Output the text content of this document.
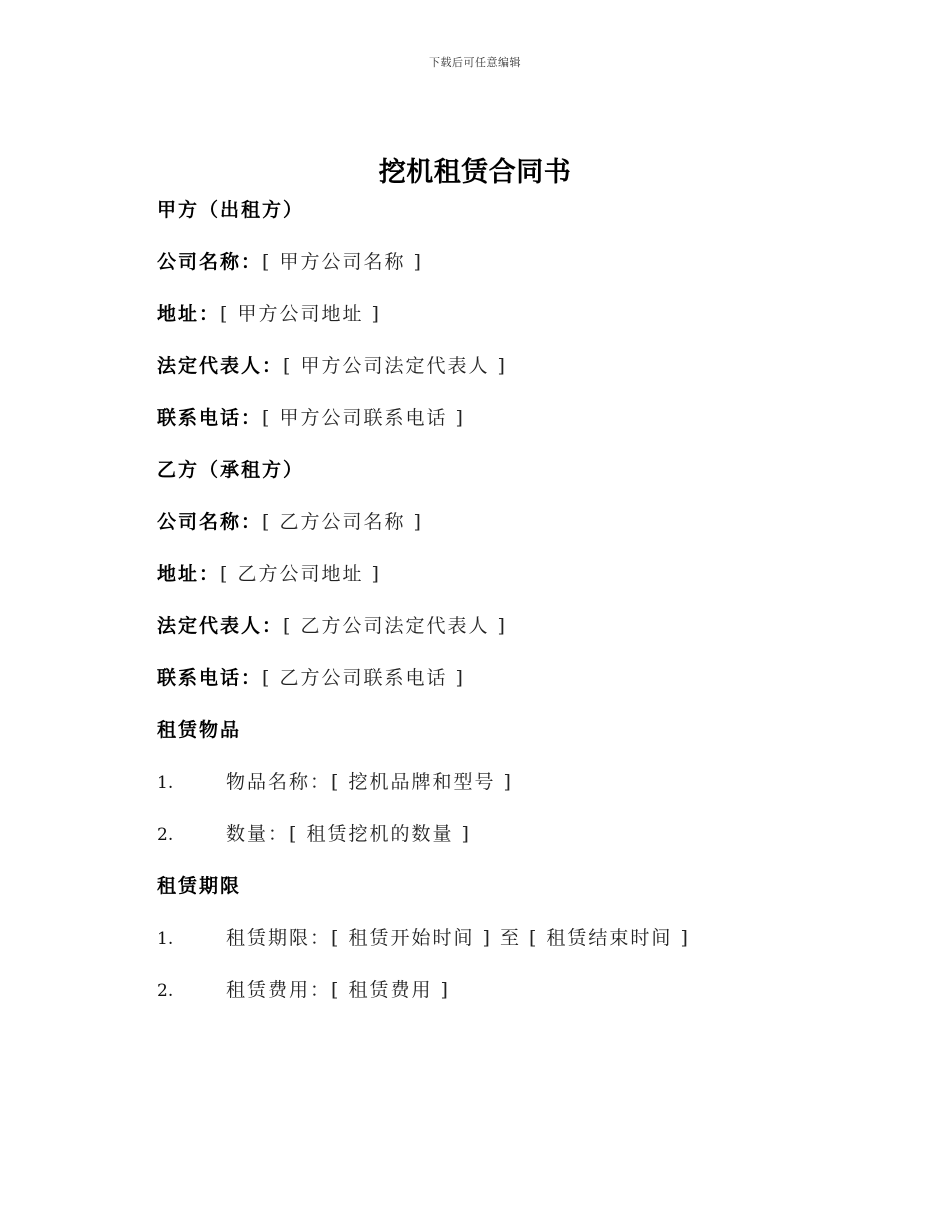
下载后可任意编辑
挖机租赁合同书
甲方（出租方）
公司名称：[ 甲方公司名称 ]
地址：[ 甲方公司地址 ]
法定代表人：[ 甲方公司法定代表人 ]
联系电话：[ 甲方公司联系电话 ]
乙方（承租方）
公司名称：[ 乙方公司名称 ]
地址：[ 乙方公司地址 ]
法定代表人：[ 乙方公司法定代表人 ]
联系电话：[ 乙方公司联系电话 ]
租赁物品
1.	物品名称：[ 挖机品牌和型号 ]
2.	数量：[ 租赁挖机的数量 ]
租赁期限
1.	租赁期限：[ 租赁开始时间 ] 至 [ 租赁结束时间 ]
2.	租赁费用：[ 租赁费用 ]
